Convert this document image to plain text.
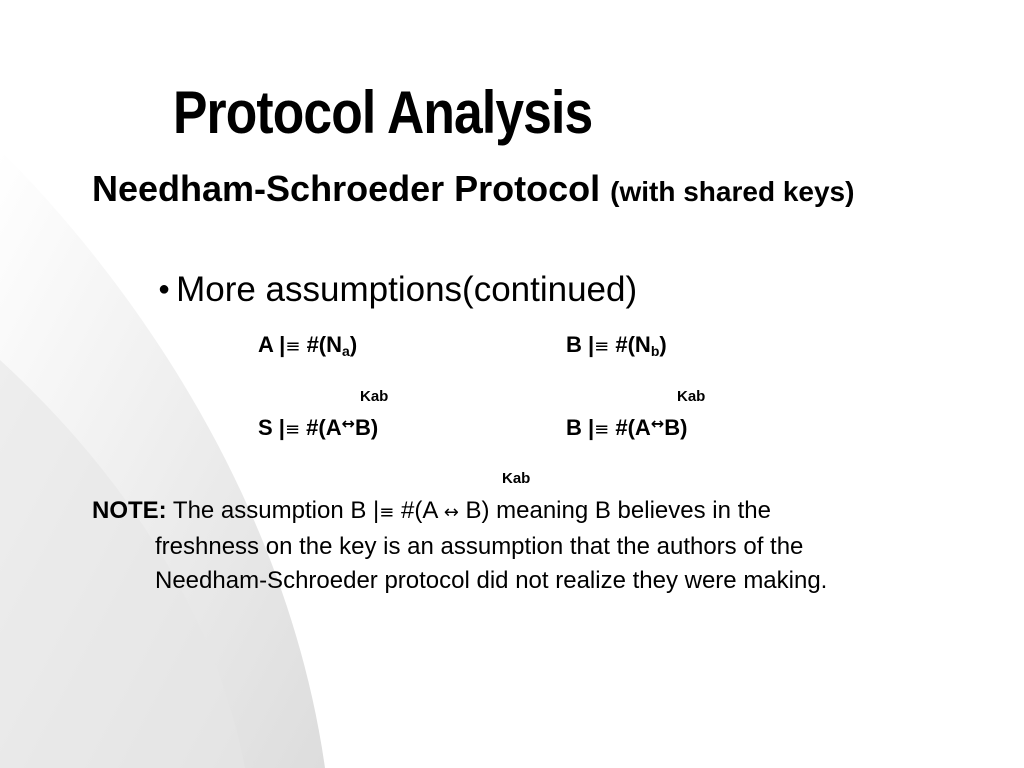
Protocol Analysis
Needham-Schroeder Protocol (with shared keys)
● More assumptions(continued)
A |≡ $\#(N_a)$	B |≡ $\#(N_b)$
Kab	Kab
S |≡ #(A↔B)	B |≡ #(A↔B)
Kab
NOTE: The assumption B |≡ #(A ↔ B) meaning B believes in the
freshness on the key is an assumption that the authors of the
Needham-Schroeder protocol did not realize they were making.
